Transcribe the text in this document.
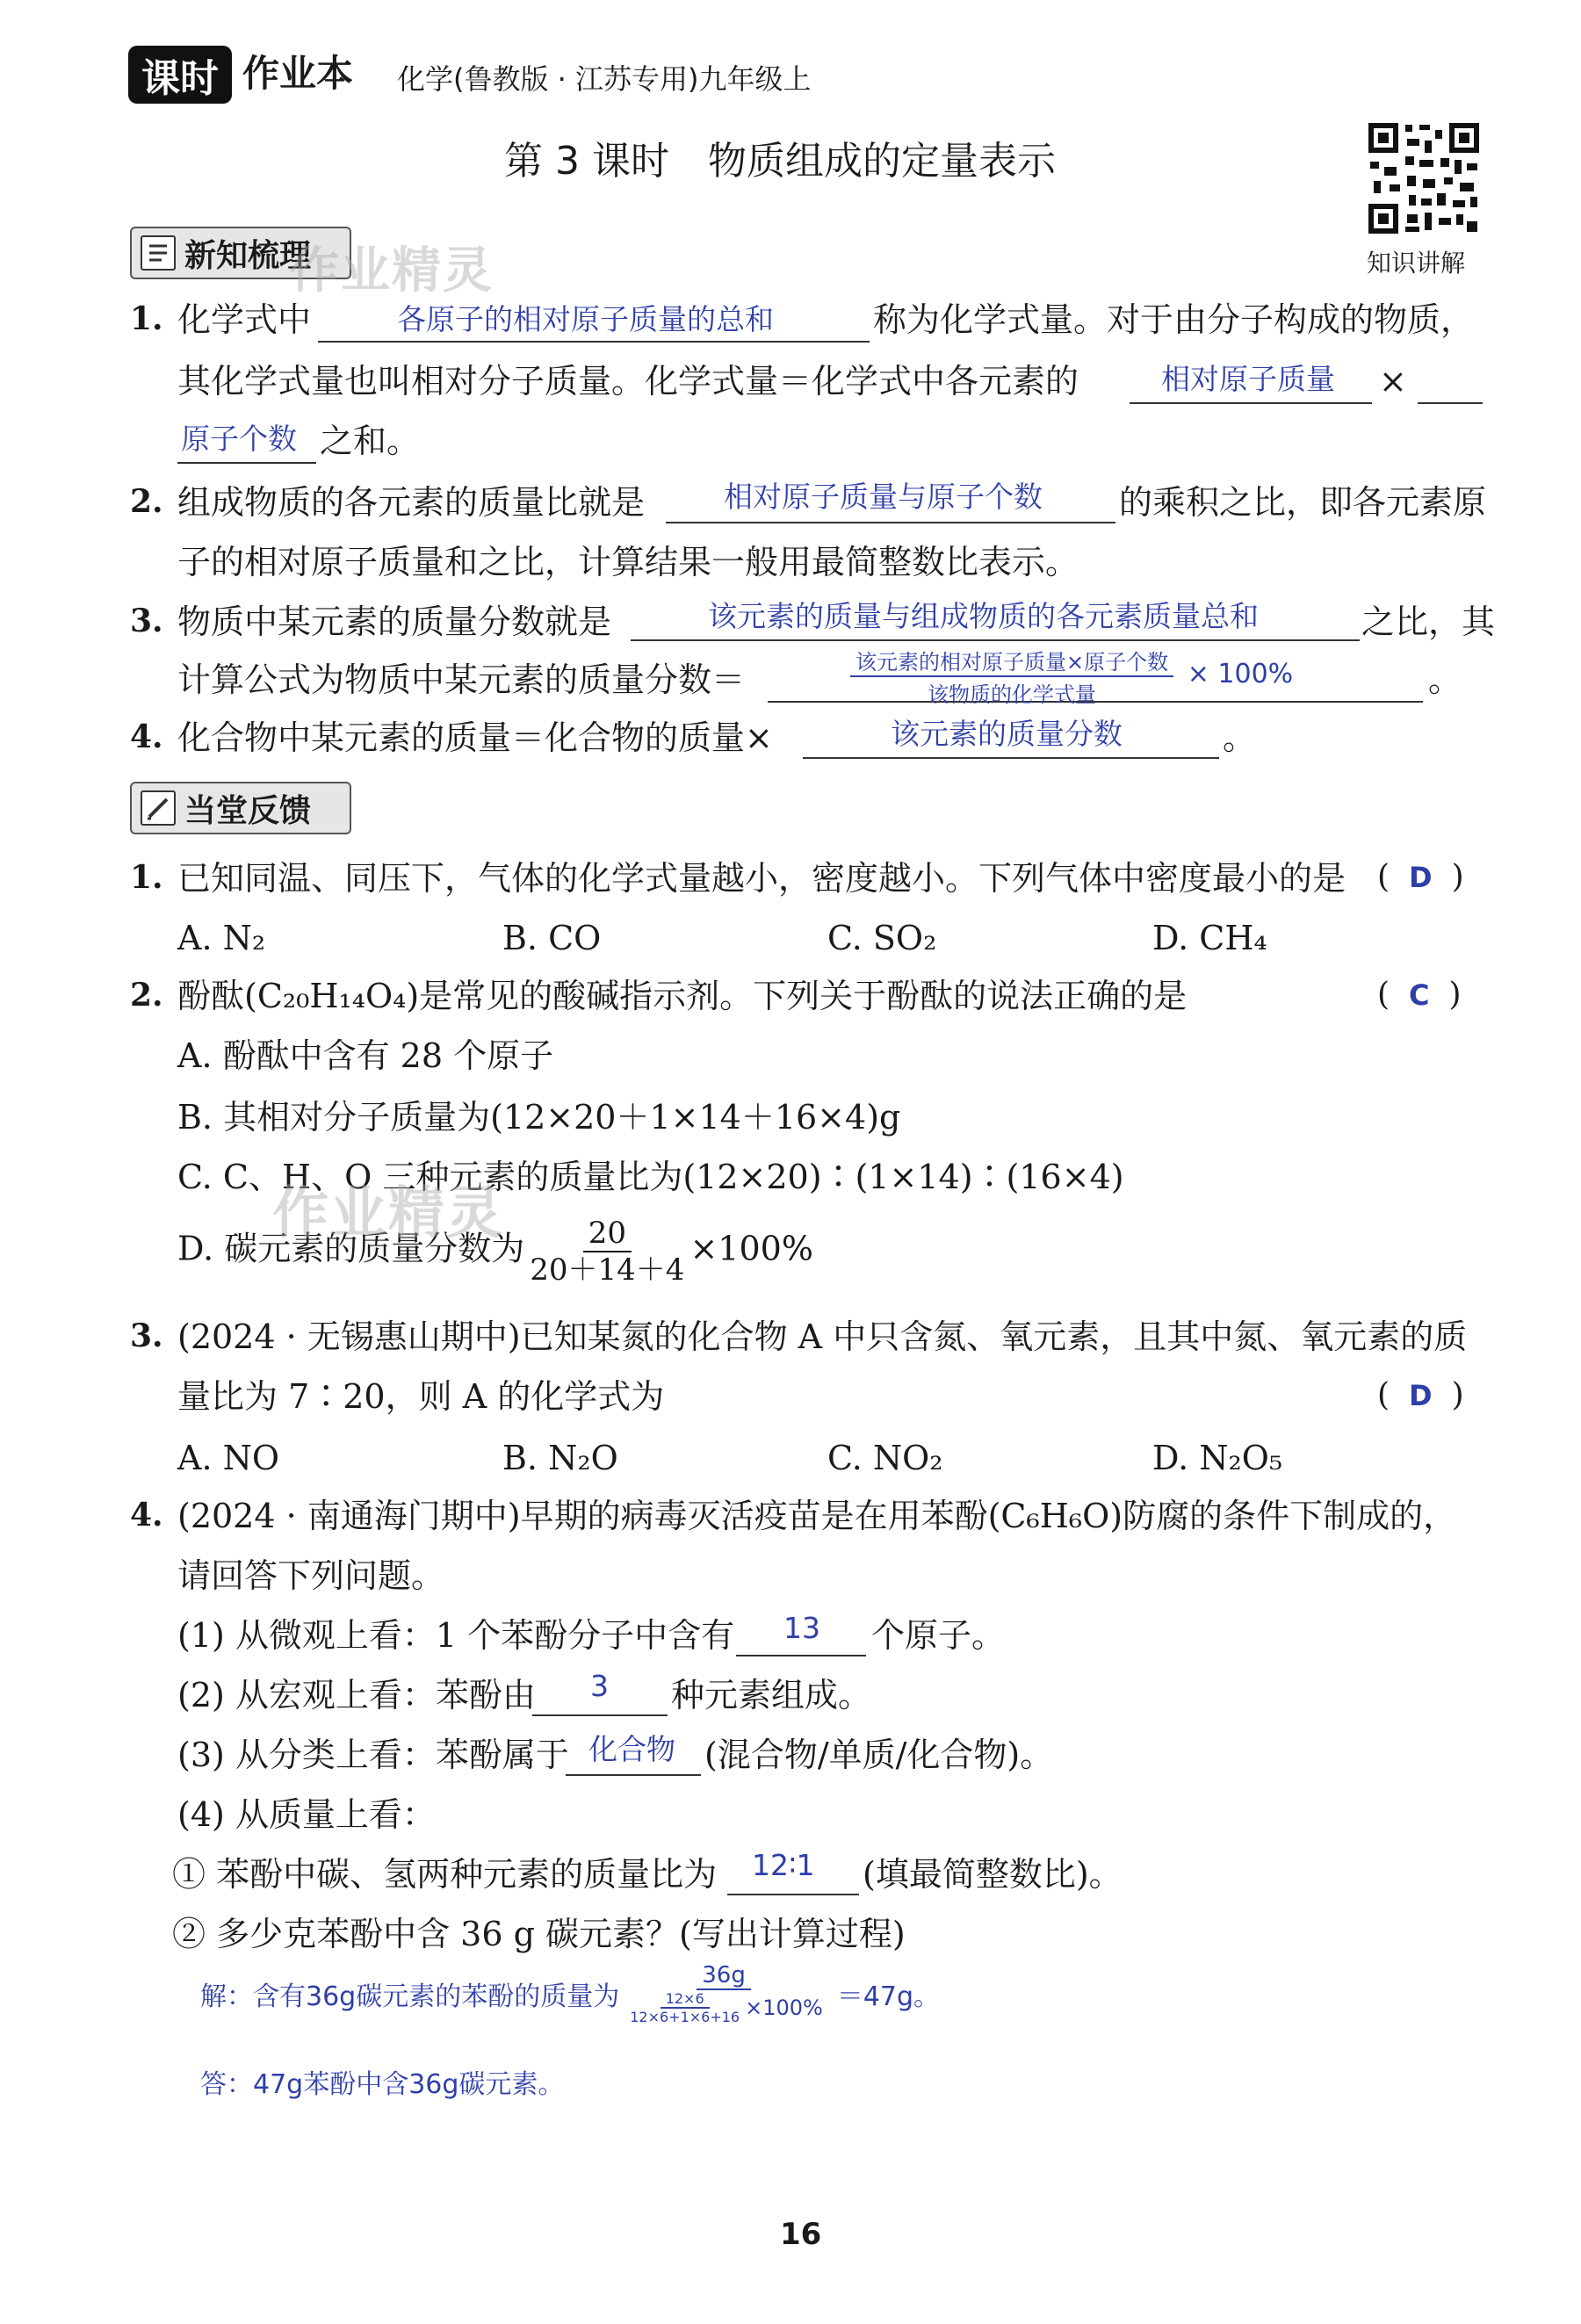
课时 作业本 化学(鲁教版 · 江苏专用)九年级上
第 3 课时　物质组成的定量表示
知识讲解
新知梳理
作业精灵
1. 化学式中	各原子的相对原子质量的总和	称为化学式量。对于由分子构成的物质，
其化学式量也叫相对分子质量。化学式量＝化学式中各元素的	相对原子质量 ×
原子个数 之和。
2. 组成物质的各元素的质量比就是	相对原子质量与原子个数 的乘积之比，即各元素原
子的相对原子质量和之比，计算结果一般用最简整数比表示。
3. 物质中某元素的质量分数就是	该元素的质量与组成物质的各元素质量总和	之比，其
计算公式为物质中某元素的质量分数＝	$\frac{\text{该元素的相对原子质量×原子个数}}{\text{该物质的化学式量}} \times 100\%$	。
4. 化合物中某元素的质量＝化合物的质量×	该元素的质量分数	。
当堂反馈
1. 已知同温、同压下，气体的化学式量越小，密度越小。下列气体中密度最小的是 ( D )
A. N₂	B. CO	C. SO₂	D. CH₄
2. 酚酞(C₂₀H₁₄O₄)是常见的酸碱指示剂。下列关于酚酞的说法正确的是	( C )
A. 酚酞中含有 28 个原子
B. 其相对分子质量为(12×20＋1×14＋16×4)g
C. C、H、O 三种元素的质量比为(12×20)∶(1×14)∶(16×4)
D. 碳元素的质量分数为 $\frac{20}{20+14+4} \times 100\%$
作业精灵
3. (2024 · 无锡惠山期中)已知某氮的化合物 A 中只含氮、氧元素，且其中氮、氧元素的质
量比为 7∶20，则 A 的化学式为	( D )
A. NO	B. N₂O	C. NO₂	D. N₂O₅
4. (2024 · 南通海门期中)早期的病毒灭活疫苗是在用苯酚(C₆H₆O)防腐的条件下制成的，
请回答下列问题。
(1) 从微观上看：1 个苯酚分子中含有 13 个原子。
(2) 从宏观上看：苯酚由 3 种元素组成。
(3) 从分类上看：苯酚属于 化合物 (混合物/单质/化合物)。
(4) 从质量上看：
① 苯酚中碳、氢两种元素的质量比为 12∶1 (填最简整数比)。
② 多少克苯酚中含 36 g 碳元素？(写出计算过程)
解：含有36g碳元素的苯酚的质量为 $\frac{36g}{\frac{12\times 6}{12\times 6+1\times 6+16} \times 100\%} =47g$。
答：47g苯酚中含36g碳元素。
16
